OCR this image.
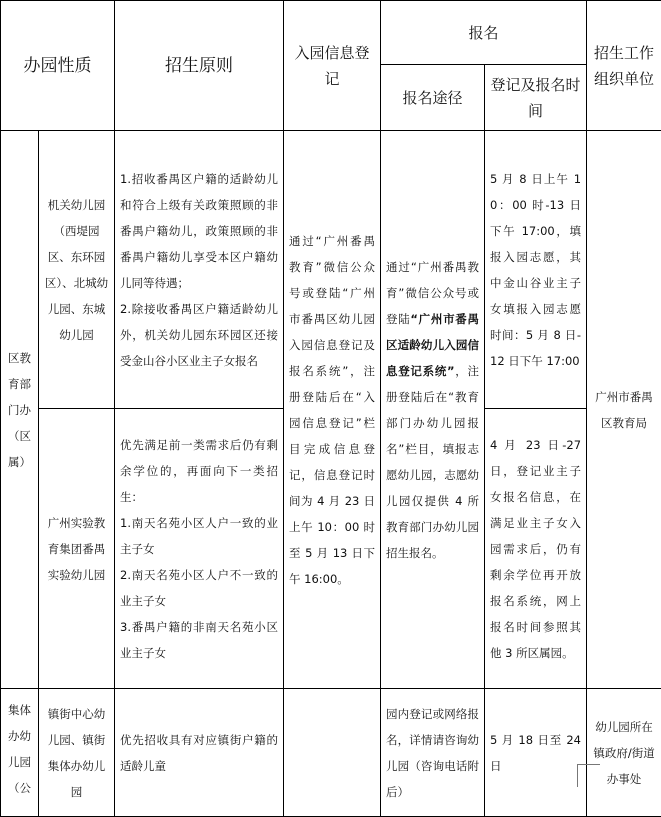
办园性质		招生原则	入园信息登记	报名		招生工作组织单位
				报名途径	登记及报名时间	
区教育部门办（区属）	机关幼儿园（西堤园区、东环园区）、北城幼儿园、东城幼儿园	1.招收番禺区户籍的适龄幼儿和符合上级有关政策照顾的非番禺户籍幼儿，政策照顾的非番禺户籍幼儿享受本区户籍幼儿同等待遇；

2.除接收番禺区户籍适龄幼儿外，机关幼儿园东环园区还接受金山谷小区业主子女报名	通过“广州番禺教育”微信公众号或登陆“广州市番禺区幼儿园入园信息登记及报名系统”，注册登陆后在“入园信息登记”栏目完成信息登记，信息登记时间为 4 月 23 日上午 10：00 时至 5 月 13 日下午 16:00。	通过“广州番禺教育”微信公众号或登陆“广州市番禺区适龄幼儿入园信息登记系统”，注册登陆后在“教育部门办幼儿园报名”栏目，填报志愿幼儿园，志愿幼儿园仅提供 4 所教育部门办幼儿园招生报名。	5 月 8 日上午 10：00 时-13 日下午 17:00，填报入园志愿，其中金山谷业主子女填报入园志愿时间：5 月 8 日-12 日下午 17:00	广州市番禺区教育局
	广州实验教育集团番禺实验幼儿园	优先满足前一类需求后仍有剩余学位的，再面向下一类招生：

1.南天名苑小区人户一致的业主子女

2.南天名苑小区人户不一致的业主子女

3.番禺户籍的非南天名苑小区业主子女			4 月 23 日-27 日，登记业主子女报名信息，在满足业主子女入园需求后，仍有剩余学位再开放报名系统，网上报名时间参照其他 3 所区属园。	
集体办幼儿园（公	镇街中心幼儿园、镇街集体办幼儿园	优先招收具有对应镇街户籍的适龄儿童		园内登记或网络报名，详情请咨询幼儿园（咨询电话附后）	5 月 18 日至 24 日	幼儿园所在镇政府/街道办事处
